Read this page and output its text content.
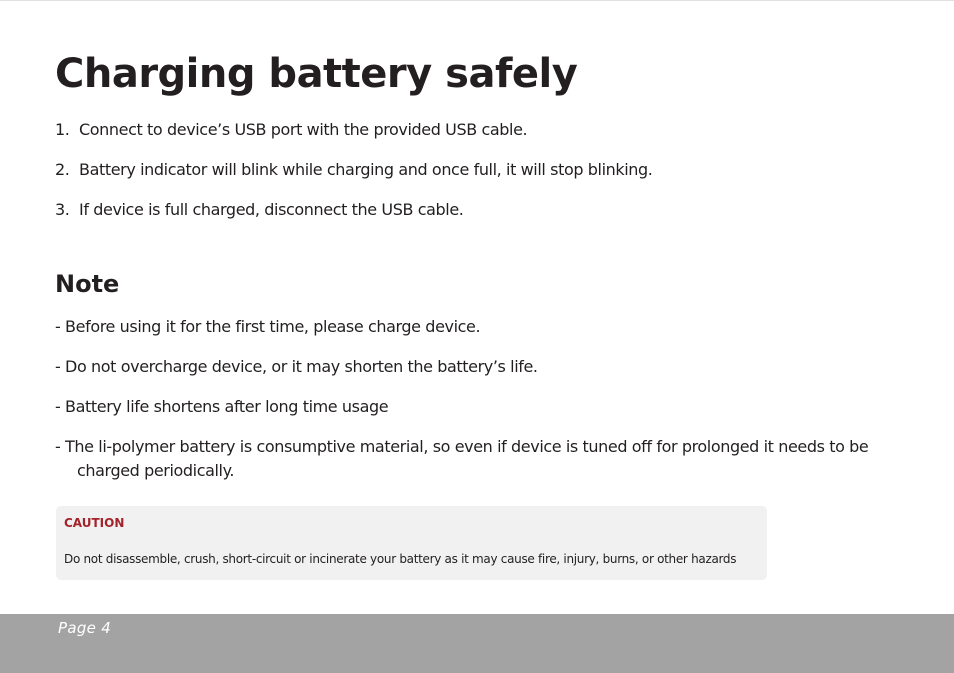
Charging battery safely
1. Connect to device’s USB port with the provided USB cable.
2. Battery indicator will blink while charging and once full, it will stop blinking.
3. If device is full charged, disconnect the USB cable.
Note
- Before using it for the first time, please charge device.
- Do not overcharge device, or it may shorten the battery’s life.
- Battery life shortens after long time usage
- The li-polymer battery is consumptive material, so even if device is tuned off for prolonged it needs to be charged periodically.

CAUTION

Do not disassemble, crush, short-circuit or incinerate your battery as it may cause fire, injury, burns, or other hazards

Page 4
